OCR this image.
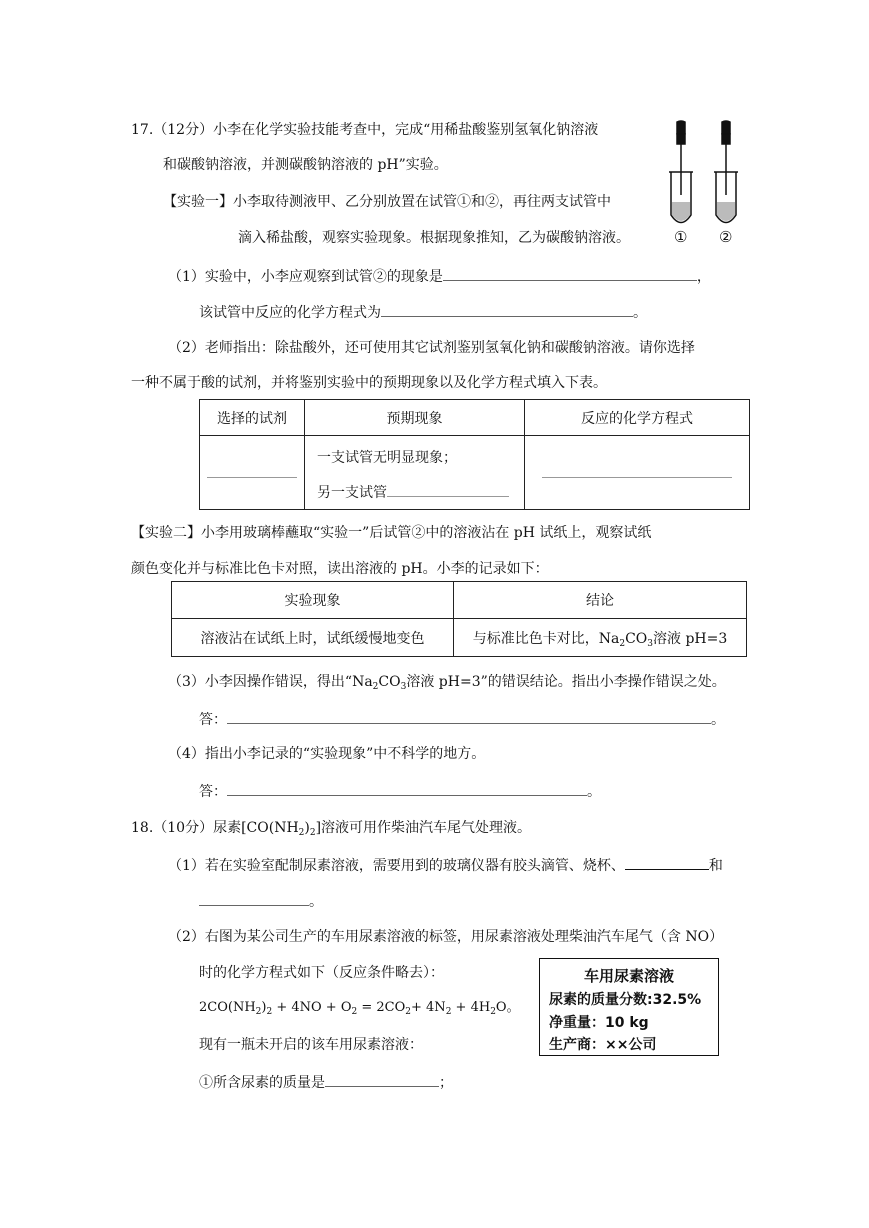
17.（12分）小李在化学实验技能考查中，完成“用稀盐酸鉴别氢氧化钠溶液
和碳酸钠溶液，并测碳酸钠溶液的 pH”实验。
① ②
【实验一】小李取待测液甲、乙分别放置在试管①和②，再往两支试管中
滴入稀盐酸，观察实验现象。根据现象推知，乙为碳酸钠溶液。
（1）实验中，小李应观察到试管②的现象是	，
该试管中反应的化学方程式为	。
（2）老师指出：除盐酸外，还可使用其它试剂鉴别氢氧化钠和碳酸钠溶液。请你选择
一种不属于酸的试剂，并将鉴别实验中的预期现象以及化学方程式填入下表。
选择的试剂	预期现象	反应的化学方程式

	一支试管无明显现象；
另一支试管	

【实验二】小李用玻璃棒蘸取“实验一”后试管②中的溶液沾在 pH 试纸上，观察试纸
颜色变化并与标准比色卡对照，读出溶液的 pH。小李的记录如下：
实验现象	结论
溶液沾在试纸上时，试纸缓慢地变色	与标准比色卡对比，$Na_2CO_3$溶液 pH=3
（3）小李因操作错误，得出“$Na_2CO_3$溶液 pH=3”的错误结论。指出小李操作错误之处。
答：	。
（4）指出小李记录的“实验现象”中不科学的地方。
答：	。
18.（10分）尿素$[CO(NH_2)_2]$溶液可用作柴油汽车尾气处理液。
（1）若在实验室配制尿素溶液，需要用到的玻璃仪器有胶头滴管、烧杯、	和
。
（2）右图为某公司生产的车用尿素溶液的标签，用尿素溶液处理柴油汽车尾气（含 NO）
时的化学方程式如下（反应条件略去）：
$2CO(NH_2)_2 + 4NO + O_2 = 2CO_2+ 4N_2 + 4H_2O$。
现有一瓶未开启的该车用尿素溶液：
①所含尿素的质量是	；
车用尿素溶液
尿素的质量分数:32.5%
净重量：10 kg
生产商：××公司
